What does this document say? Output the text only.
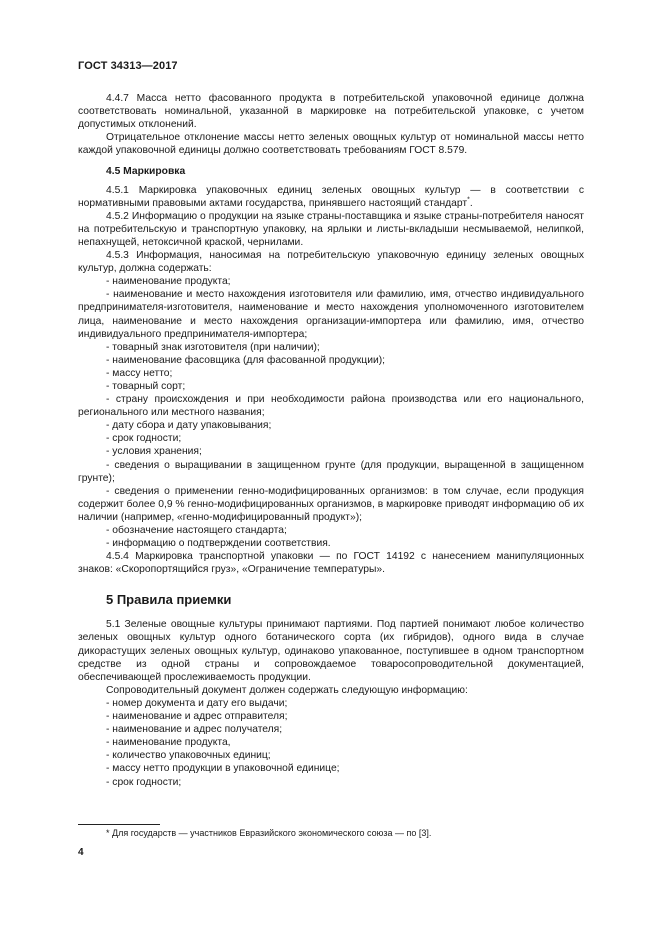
ГОСТ 34313—2017

4.4.7 Масса нетто фасованного продукта в потребительской упаковочной единице должна соответствовать номинальной, указанной в маркировке на потребительской упаковке, с учетом допустимых отклонений.

Отрицательное отклонение массы нетто зеленых овощных культур от номинальной массы нетто каждой упаковочной единицы должно соответствовать требованиям ГОСТ 8.579.

4.5 Маркировка

4.5.1 Маркировка упаковочных единиц зеленых овощных культур — в соответствии с нормативными правовыми актами государства, принявшего настоящий стандарт*.

4.5.2 Информацию о продукции на языке страны-поставщика и языке страны-потребителя наносят на потребительскую и транспортную упаковку, на ярлыки и листы-вкладыши несмываемой, нелипкой, непахнущей, нетоксичной краской, чернилами.

4.5.3 Информация, наносимая на потребительскую упаковочную единицу зеленых овощных культур, должна содержать:

- наименование продукта;

- наименование и место нахождения изготовителя или фамилию, имя, отчество индивидуального предпринимателя-изготовителя, наименование и место нахождения уполномоченного изготовителем лица, наименование и место нахождения организации-импортера или фамилию, имя, отчество индивидуального предпринимателя-импортера;

- товарный знак изготовителя (при наличии);

- наименование фасовщика (для фасованной продукции);

- массу нетто;

- товарный сорт;

- страну происхождения и при необходимости района производства или его национального, регионального или местного названия;

- дату сбора и дату упаковывания;

- срок годности;

- условия хранения;

- сведения о выращивании в защищенном грунте (для продукции, выращенной в защищенном грунте);

- сведения о применении генно-модифицированных организмов: в том случае, если продукция содержит более 0,9 % генно-модифицированных организмов, в маркировке приводят информацию об их наличии (например, «генно-модифицированный продукт»);

- обозначение настоящего стандарта;

- информацию о подтверждении соответствия.

4.5.4 Маркировка транспортной упаковки — по ГОСТ 14192 с нанесением манипуляционных знаков: «Скоропортящийся груз», «Ограничение температуры».

5 Правила приемки

5.1 Зеленые овощные культуры принимают партиями. Под партией понимают любое количество зеленых овощных культур одного ботанического сорта (их гибридов), одного вида в случае дикорастущих зеленых овощных культур, одинаково упакованное, поступившее в одном транспортном средстве из одной страны и сопровождаемое товаросопроводительной документацией, обеспечивающей прослеживаемость продукции.

Сопроводительный документ должен содержать следующую информацию:

- номер документа и дату его выдачи;

- наименование и адрес отправителя;

- наименование и адрес получателя;

- наименование продукта,

- количество упаковочных единиц;

- массу нетто продукции в упаковочной единице;

- срок годности;

* Для государств — участников Евразийского экономического союза — по [3].
4
